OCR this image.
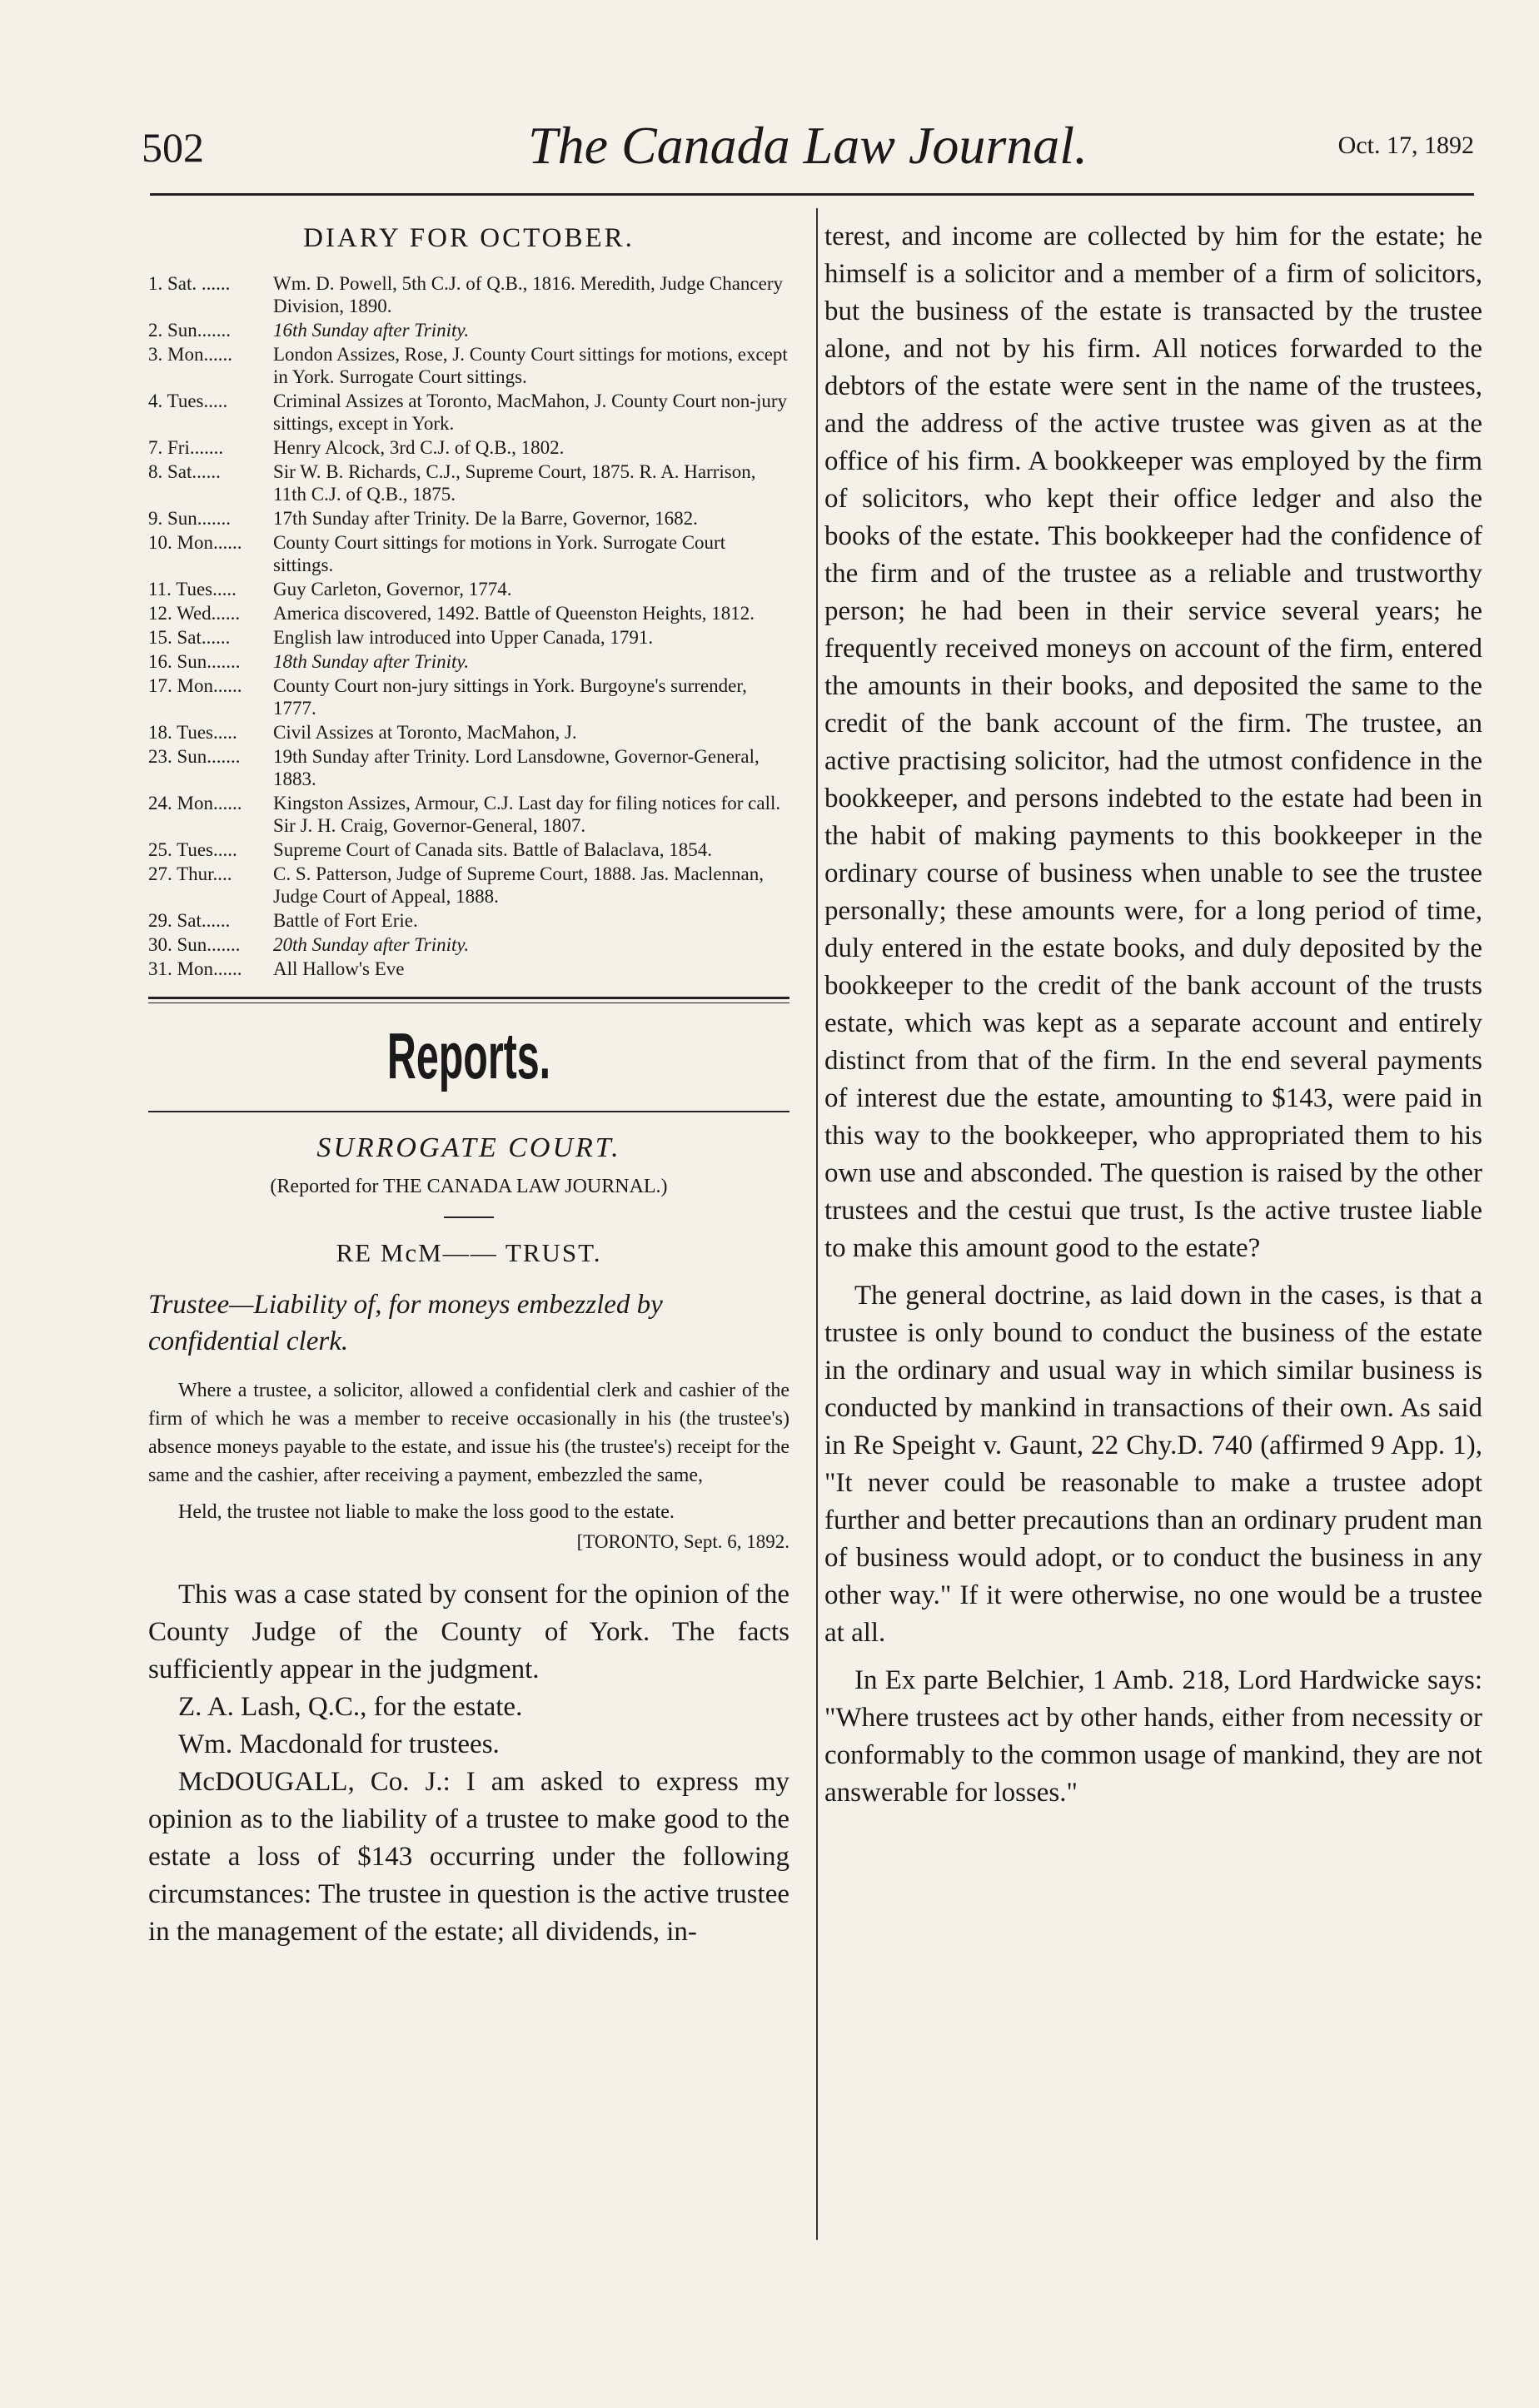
502	The Canada Law Journal.	Oct. 17, 1892
DIARY FOR OCTOBER.
1. Sat. ......	Wm. D. Powell, 5th C.J. of Q.B., 1816. Meredith, Judge Chancery Division, 1890.
2. Sun.......	16th Sunday after Trinity.
3. Mon......	London Assizes, Rose, J. County Court sittings for motions, except in York. Surrogate Court sittings.
4. Tues.....	Criminal Assizes at Toronto, MacMahon, J. County Court non-jury sittings, except in York.
7. Fri.......	Henry Alcock, 3rd C.J. of Q.B., 1802.
8. Sat......	Sir W. B. Richards, C.J., Supreme Court, 1875. R. A. Harrison, 11th C.J. of Q.B., 1875.
9. Sun.......	17th Sunday after Trinity. De la Barre, Governor, 1682.
10. Mon......	County Court sittings for motions in York. Surrogate Court sittings.
11. Tues.....	Guy Carleton, Governor, 1774.
12. Wed......	America discovered, 1492. Battle of Queenston Heights, 1812.
15. Sat......	English law introduced into Upper Canada, 1791.
16. Sun.......	18th Sunday after Trinity.
17. Mon......	County Court non-jury sittings in York. Burgoyne's surrender, 1777.
18. Tues.....	Civil Assizes at Toronto, MacMahon, J.
23. Sun.......	19th Sunday after Trinity. Lord Lansdowne, Governor-General, 1883.
24. Mon......	Kingston Assizes, Armour, C.J. Last day for filing notices for call. Sir J. H. Craig, Governor-General, 1807.
25. Tues.....	Supreme Court of Canada sits. Battle of Balaclava, 1854.
27. Thur....	C. S. Patterson, Judge of Supreme Court, 1888. Jas. Maclennan, Judge Court of Appeal, 1888.
29. Sat......	Battle of Fort Erie.
30. Sun.......	20th Sunday after Trinity.
31. Mon......	All Hallow's Eve
Reports.
SURROGATE COURT.
(Reported for THE CANADA LAW JOURNAL.)
RE McM—— TRUST.
Trustee—Liability of, for moneys embezzled by confidential clerk.

Where a trustee, a solicitor, allowed a confidential clerk and cashier of the firm of which he was a member to receive occasionally in his (the trustee's) absence moneys payable to the estate, and issue his (the trustee's) receipt for the same and the cashier, after receiving a payment, embezzled the same,

Held, the trustee not liable to make the loss good to the estate.

[TORONTO, Sept. 6, 1892.

This was a case stated by consent for the opinion of the County Judge of the County of York. The facts sufficiently appear in the judgment.

Z. A. Lash, Q.C., for the estate.

Wm. Macdonald for trustees.

McDOUGALL, Co. J.: I am asked to express my opinion as to the liability of a trustee to make good to the estate a loss of $143 occurring under the following circumstances: The trustee in question is the active trustee in the management of the estate; all dividends, in-

terest, and income are collected by him for the estate; he himself is a solicitor and a member of a firm of solicitors, but the business of the estate is transacted by the trustee alone, and not by his firm. All notices forwarded to the debtors of the estate were sent in the name of the trustees, and the address of the active trustee was given as at the office of his firm. A bookkeeper was employed by the firm of solicitors, who kept their office ledger and also the books of the estate. This bookkeeper had the confidence of the firm and of the trustee as a reliable and trustworthy person; he had been in their service several years; he frequently received moneys on account of the firm, entered the amounts in their books, and deposited the same to the credit of the bank account of the firm. The trustee, an active practising solicitor, had the utmost confidence in the bookkeeper, and persons indebted to the estate had been in the habit of making payments to this bookkeeper in the ordinary course of business when unable to see the trustee personally; these amounts were, for a long period of time, duly entered in the estate books, and duly deposited by the bookkeeper to the credit of the bank account of the trusts estate, which was kept as a separate account and entirely distinct from that of the firm. In the end several payments of interest due the estate, amounting to $143, were paid in this way to the bookkeeper, who appropriated them to his own use and absconded. The question is raised by the other trustees and the cestui que trust, Is the active trustee liable to make this amount good to the estate?

The general doctrine, as laid down in the cases, is that a trustee is only bound to conduct the business of the estate in the ordinary and usual way in which similar business is conducted by mankind in transactions of their own. As said in Re Speight v. Gaunt, 22 Chy.D. 740 (affirmed 9 App. 1), "It never could be reasonable to make a trustee adopt further and better precautions than an ordinary prudent man of business would adopt, or to conduct the business in any other way." If it were otherwise, no one would be a trustee at all.

In Ex parte Belchier, 1 Amb. 218, Lord Hardwicke says: "Where trustees act by other hands, either from necessity or conformably to the common usage of mankind, they are not answerable for losses."
